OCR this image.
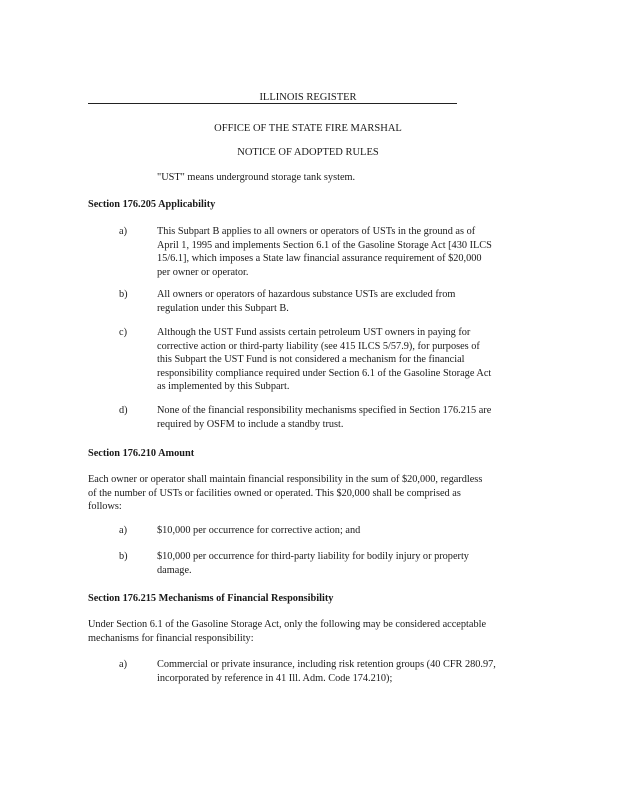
ILLINOIS REGISTER
OFFICE OF THE STATE FIRE MARSHAL
NOTICE OF ADOPTED RULES
"UST" means underground storage tank system.
Section 176.205 Applicability
a)	This Subpart B applies to all owners or operators of USTs in the ground as of
April 1, 1995 and implements Section 6.1 of the Gasoline Storage Act [430 ILCS
15/6.1], which imposes a State law financial assurance requirement of $20,000
per owner or operator.
b)	All owners or operators of hazardous substance USTs are excluded from
regulation under this Subpart B.
c)	Although the UST Fund assists certain petroleum UST owners in paying for
corrective action or third-party liability (see 415 ILCS 5/57.9), for purposes of
this Subpart the UST Fund is not considered a mechanism for the financial
responsibility compliance required under Section 6.1 of the Gasoline Storage Act
as implemented by this Subpart.
d)	None of the financial responsibility mechanisms specified in Section 176.215 are
required by OSFM to include a standby trust.
Section 176.210 Amount
Each owner or operator shall maintain financial responsibility in the sum of $20,000, regardless
of the number of USTs or facilities owned or operated. This $20,000 shall be comprised as
follows:
a)	$10,000 per occurrence for corrective action; and
b)	$10,000 per occurrence for third-party liability for bodily injury or property
damage.
Section 176.215 Mechanisms of Financial Responsibility
Under Section 6.1 of the Gasoline Storage Act, only the following may be considered acceptable
mechanisms for financial responsibility:
a)	Commercial or private insurance, including risk retention groups (40 CFR 280.97,
incorporated by reference in 41 Ill. Adm. Code 174.210);
